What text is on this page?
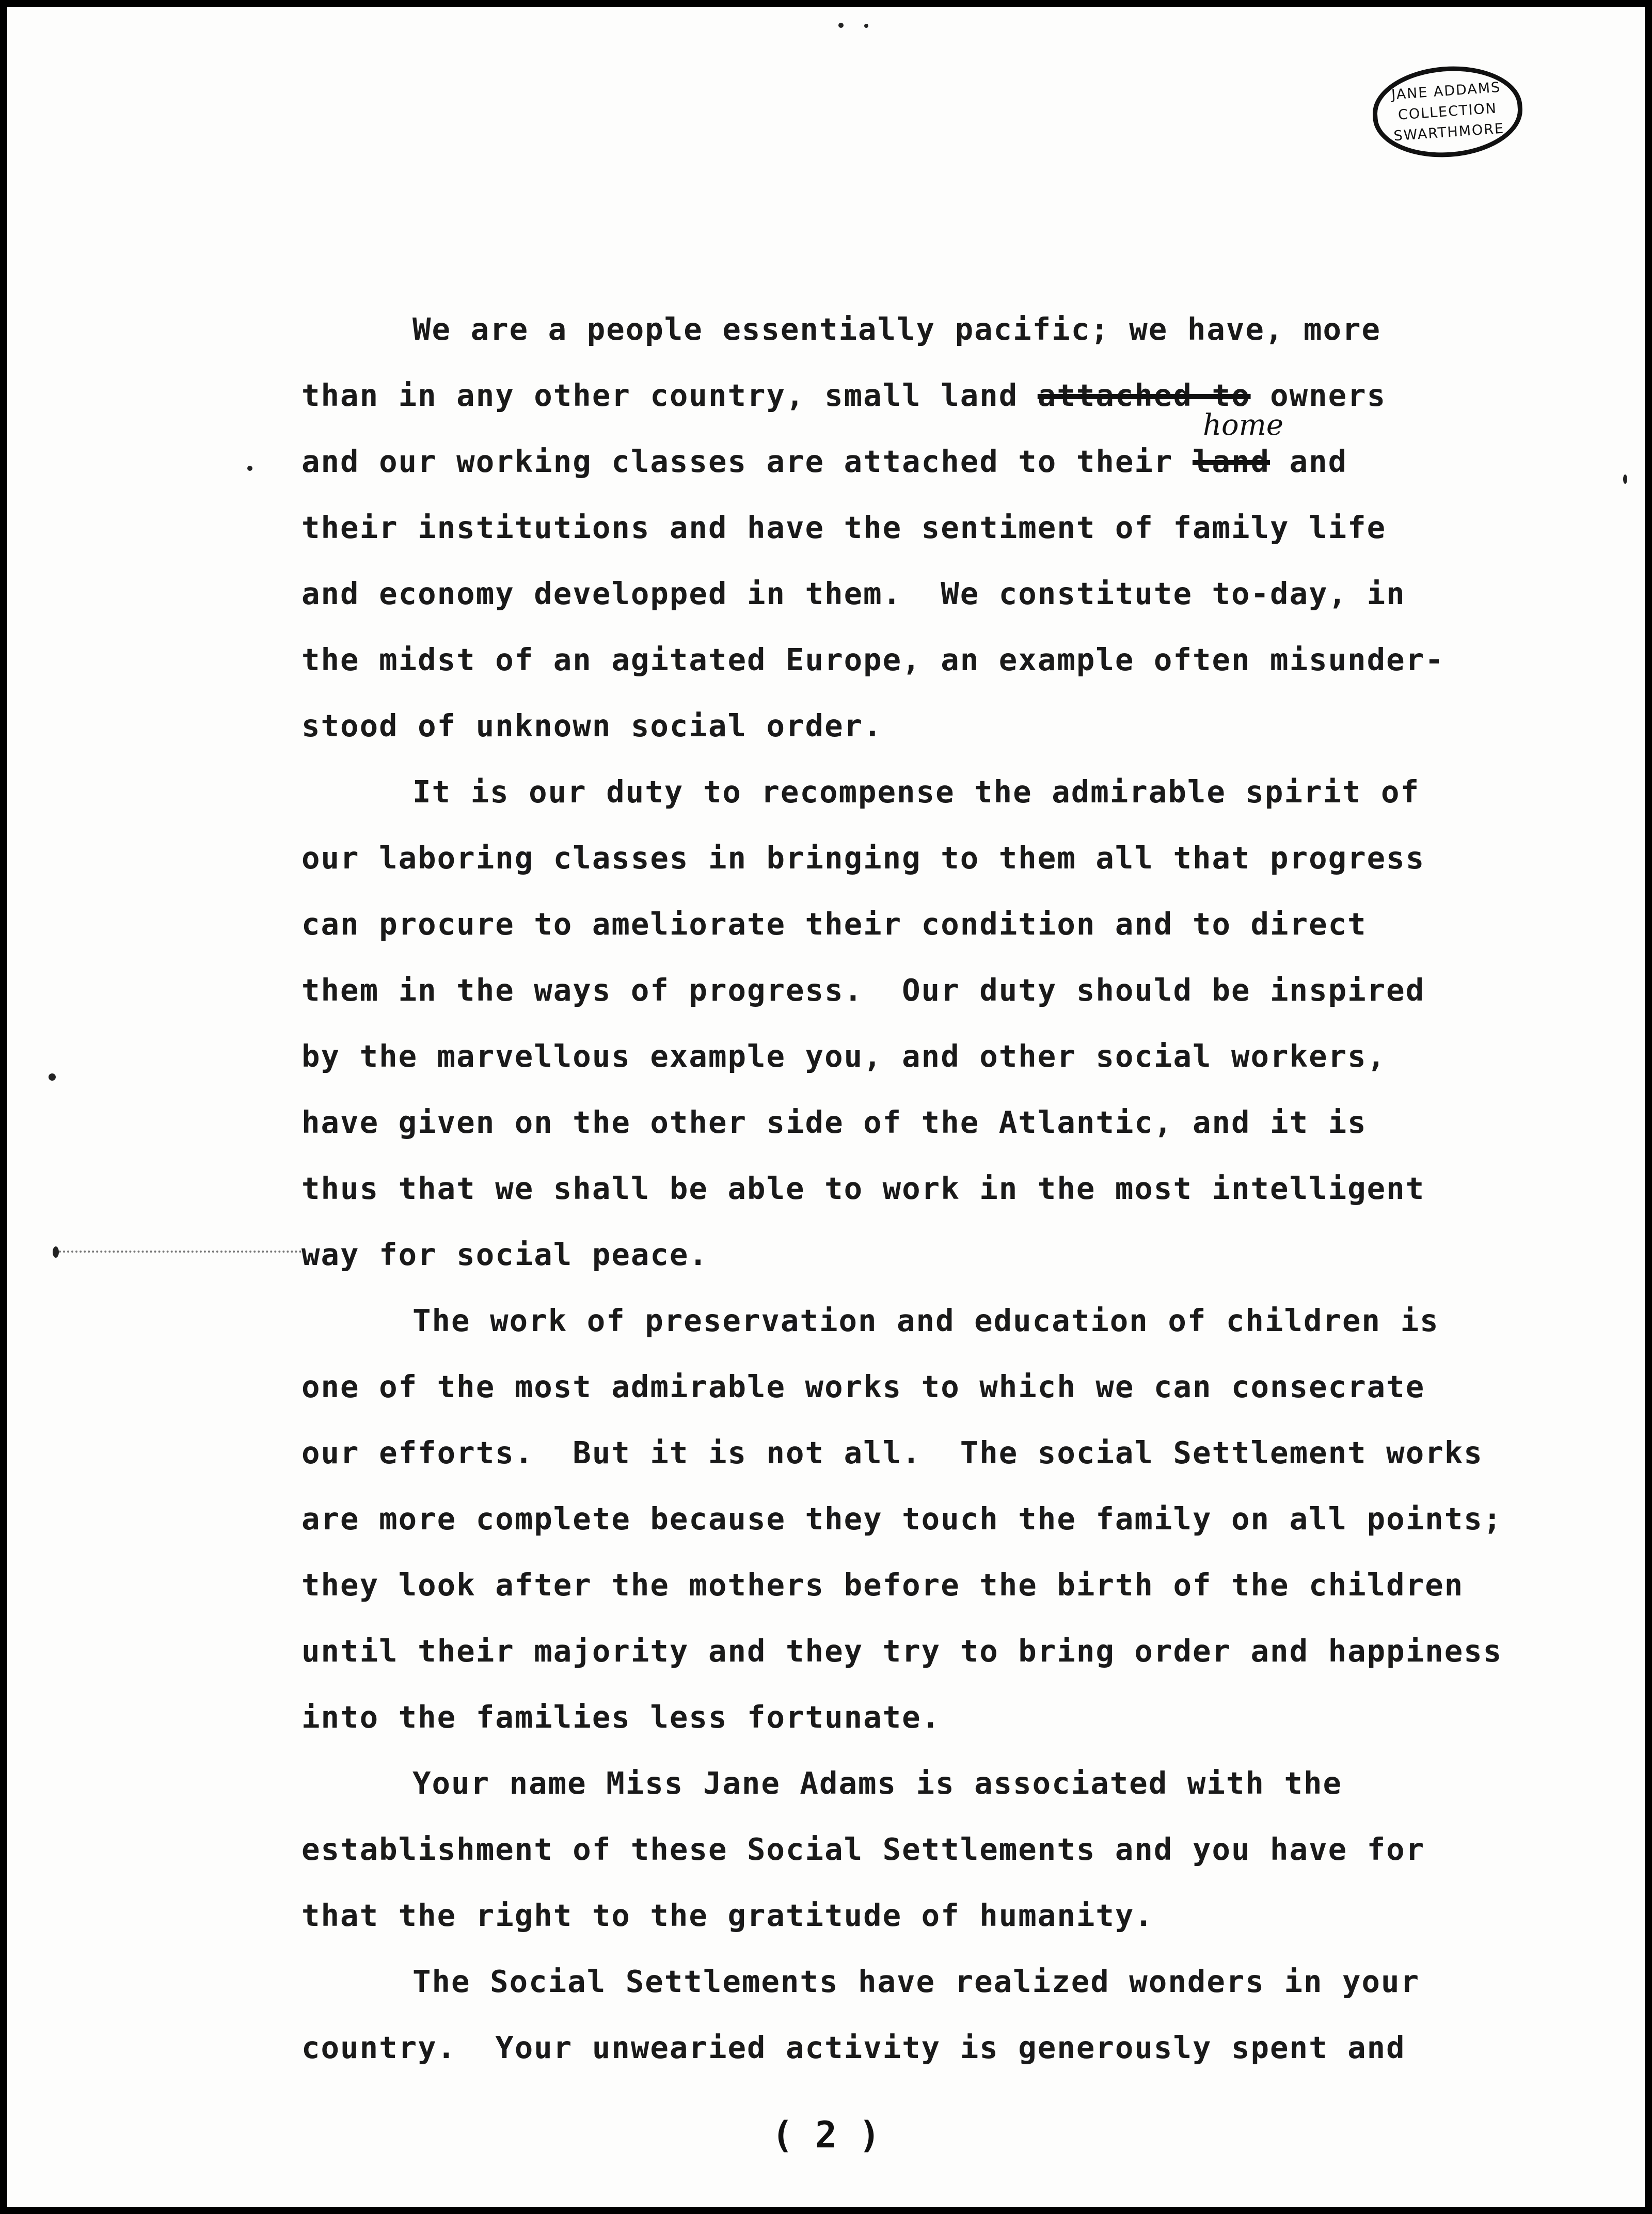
JANE ADDAMS
COLLECTION
SWARTHMORE
We are a people essentially pacific; we have, more
than in any other country, small land attached to owners
and our working classes are attached to their land
home
and
their institutions and have the sentiment of family life
and economy developped in them.  We constitute to-day, in
the midst of an agitated Europe, an example often misunder-
stood of unknown social order.
It is our duty to recompense the admirable spirit of
our laboring classes in bringing to them all that progress
can procure to ameliorate their condition and to direct
them in the ways of progress.  Our duty should be inspired
by the marvellous example you, and other social workers,
have given on the other side of the Atlantic, and it is
thus that we shall be able to work in the most intelligent
way for social peace.
The work of preservation and education of children is
one of the most admirable works to which we can consecrate
our efforts.  But it is not all.  The social Settlement works
are more complete because they touch the family on all points;
they look after the mothers before the birth of the children
until their majority and they try to bring order and happiness
into the families less fortunate.
Your name Miss Jane Adams is associated with the
establishment of these Social Settlements and you have for
that the right to the gratitude of humanity.
The Social Settlements have realized wonders in your
country.  Your unwearied activity is generously spent and
( 2 )
